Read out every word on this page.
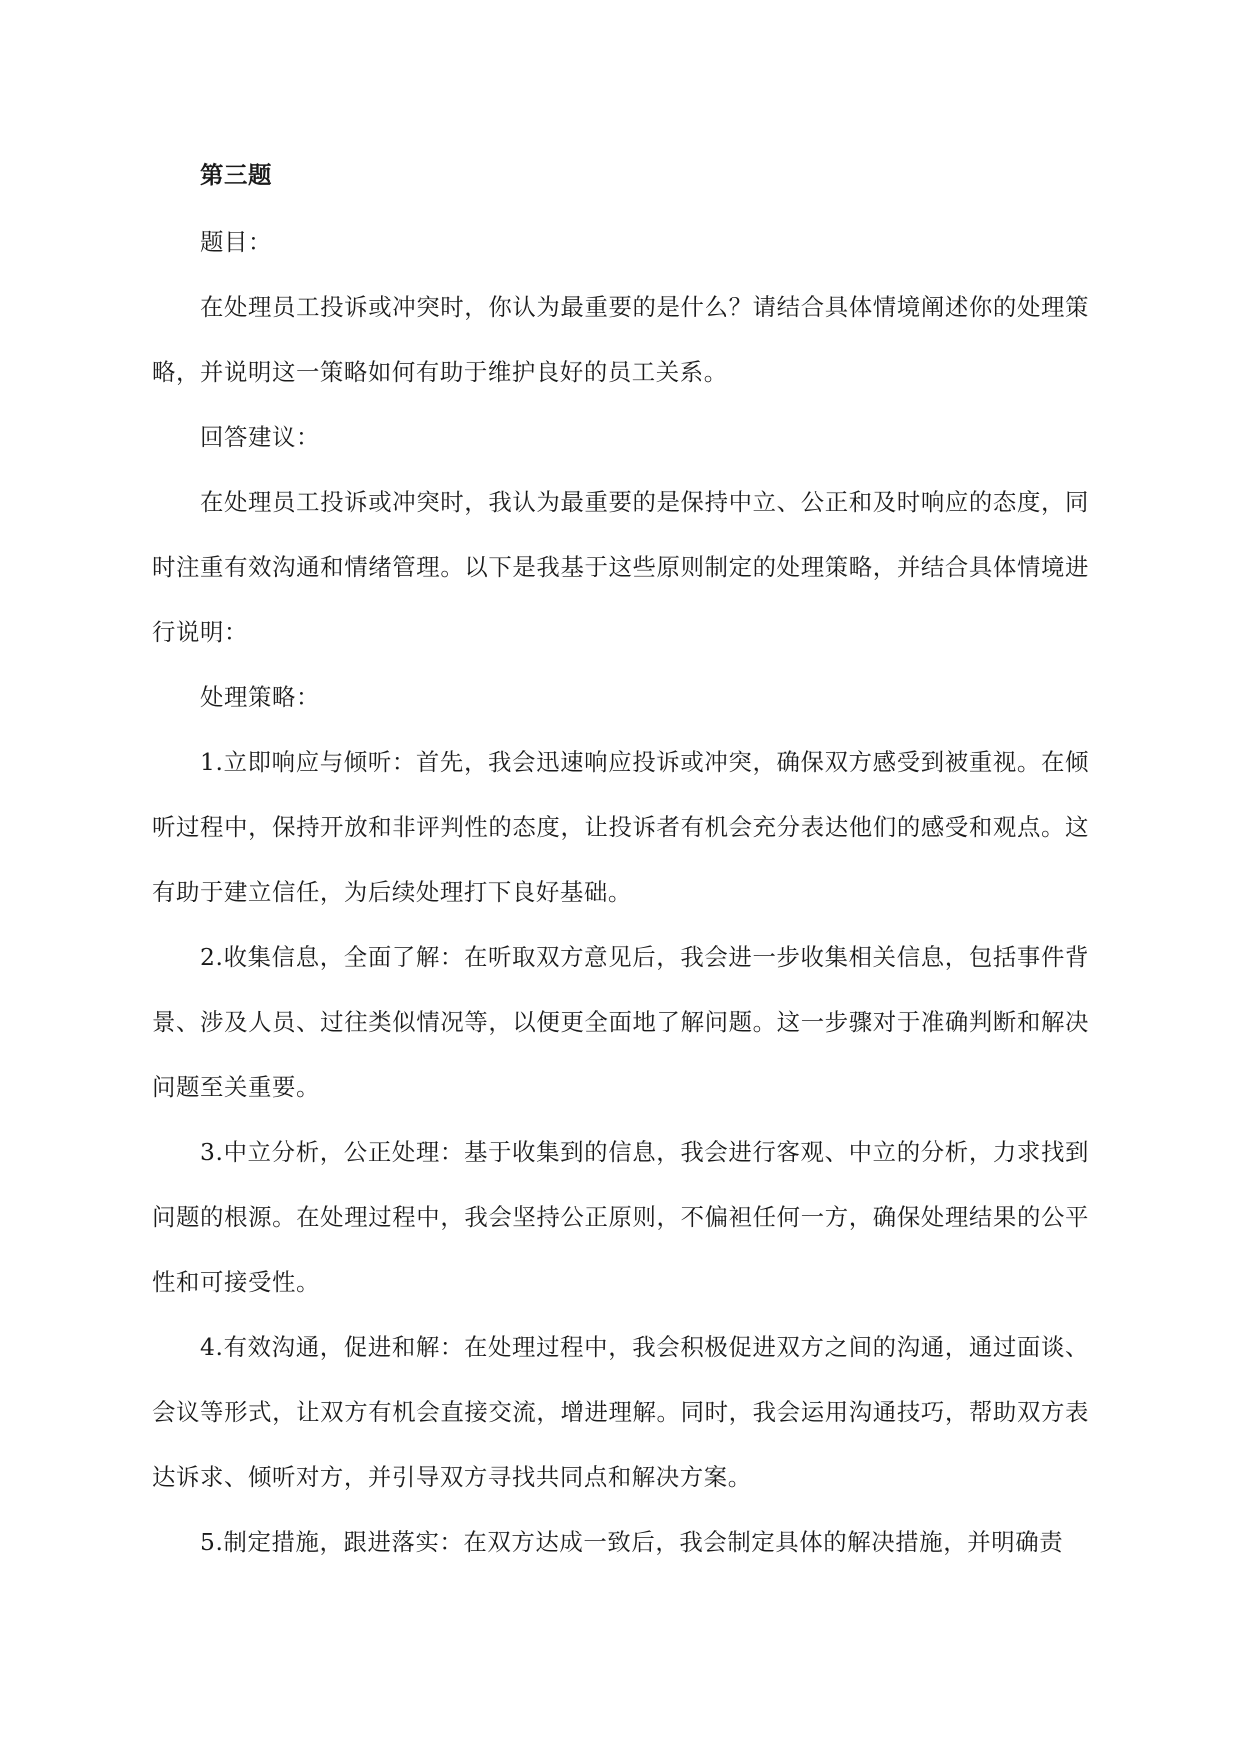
第三题

题目：

在处理员工投诉或冲突时，你认为最重要的是什么？请结合具体情境阐述你的处理策略，并说明这一策略如何有助于维护良好的员工关系。

回答建议：

在处理员工投诉或冲突时，我认为最重要的是保持中立、公正和及时响应的态度，同时注重有效沟通和情绪管理。以下是我基于这些原则制定的处理策略，并结合具体情境进行说明：

处理策略：

1.立即响应与倾听：首先，我会迅速响应投诉或冲突，确保双方感受到被重视。在倾听过程中，保持开放和非评判性的态度，让投诉者有机会充分表达他们的感受和观点。这有助于建立信任，为后续处理打下良好基础。

2.收集信息，全面了解：在听取双方意见后，我会进一步收集相关信息，包括事件背景、涉及人员、过往类似情况等，以便更全面地了解问题。这一步骤对于准确判断和解决问题至关重要。

3.中立分析，公正处理：基于收集到的信息，我会进行客观、中立的分析，力求找到问题的根源。在处理过程中，我会坚持公正原则，不偏袒任何一方，确保处理结果的公平性和可接受性。

4.有效沟通，促进和解：在处理过程中，我会积极促进双方之间的沟通，通过面谈、会议等形式，让双方有机会直接交流，增进理解。同时，我会运用沟通技巧，帮助双方表达诉求、倾听对方，并引导双方寻找共同点和解决方案。

5.制定措施，跟进落实：在双方达成一致后，我会制定具体的解决措施，并明确责
